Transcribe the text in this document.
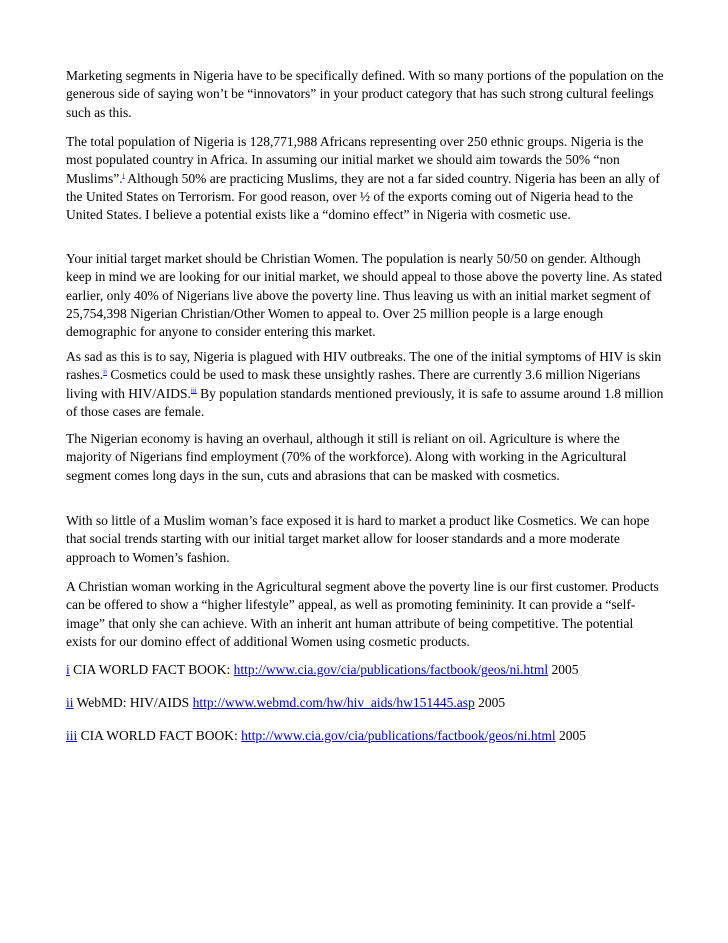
Marketing segments in Nigeria have to be specifically defined. With so many portions of the population on the generous side of saying won’t be “innovators” in your product category that has such strong cultural feelings such as this.

The total population of Nigeria is 128,771,988 Africans representing over 250 ethnic groups. Nigeria is the most populated country in Africa. In assuming our initial market we should aim towards the 50% “non Muslims”.$^i$ Although 50% are practicing Muslims, they are not a far sided country. Nigeria has been an ally of the United States on Terrorism. For good reason, over ½ of the exports coming out of Nigeria head to the United States. I believe a potential exists like a “domino effect” in Nigeria with cosmetic use.

Your initial target market should be Christian Women. The population is nearly 50/50 on gender. Although keep in mind we are looking for our initial market, we should appeal to those above the poverty line. As stated earlier, only 40% of Nigerians live above the poverty line. Thus leaving us with an initial market segment of 25,754,398 Nigerian Christian/Other Women to appeal to. Over 25 million people is a large enough demographic for anyone to consider entering this market.

As sad as this is to say, Nigeria is plagued with HIV outbreaks. The one of the initial symptoms of HIV is skin rashes.$^{ii}$ Cosmetics could be used to mask these unsightly rashes. There are currently 3.6 million Nigerians living with HIV/AIDS.$^{iii}$ By population standards mentioned previously, it is safe to assume around 1.8 million of those cases are female.

The Nigerian economy is having an overhaul, although it still is reliant on oil. Agriculture is where the majority of Nigerians find employment (70% of the workforce). Along with working in the Agricultural segment comes long days in the sun, cuts and abrasions that can be masked with cosmetics.

With so little of a Muslim woman’s face exposed it is hard to market a product like Cosmetics. We can hope that social trends starting with our initial target market allow for looser standards and a more moderate approach to Women’s fashion.

A Christian woman working in the Agricultural segment above the poverty line is our first customer. Products can be offered to show a “higher lifestyle” appeal, as well as promoting femininity. It can provide a “self-image” that only she can achieve. With an inherit ant human attribute of being competitive. The potential exists for our domino effect of additional Women using cosmetic products.

i CIA WORLD FACT BOOK: http://www.cia.gov/cia/publications/factbook/geos/ni.html 2005

ii WebMD: HIV/AIDS http://www.webmd.com/hw/hiv_aids/hw151445.asp 2005

iii CIA WORLD FACT BOOK: http://www.cia.gov/cia/publications/factbook/geos/ni.html 2005
